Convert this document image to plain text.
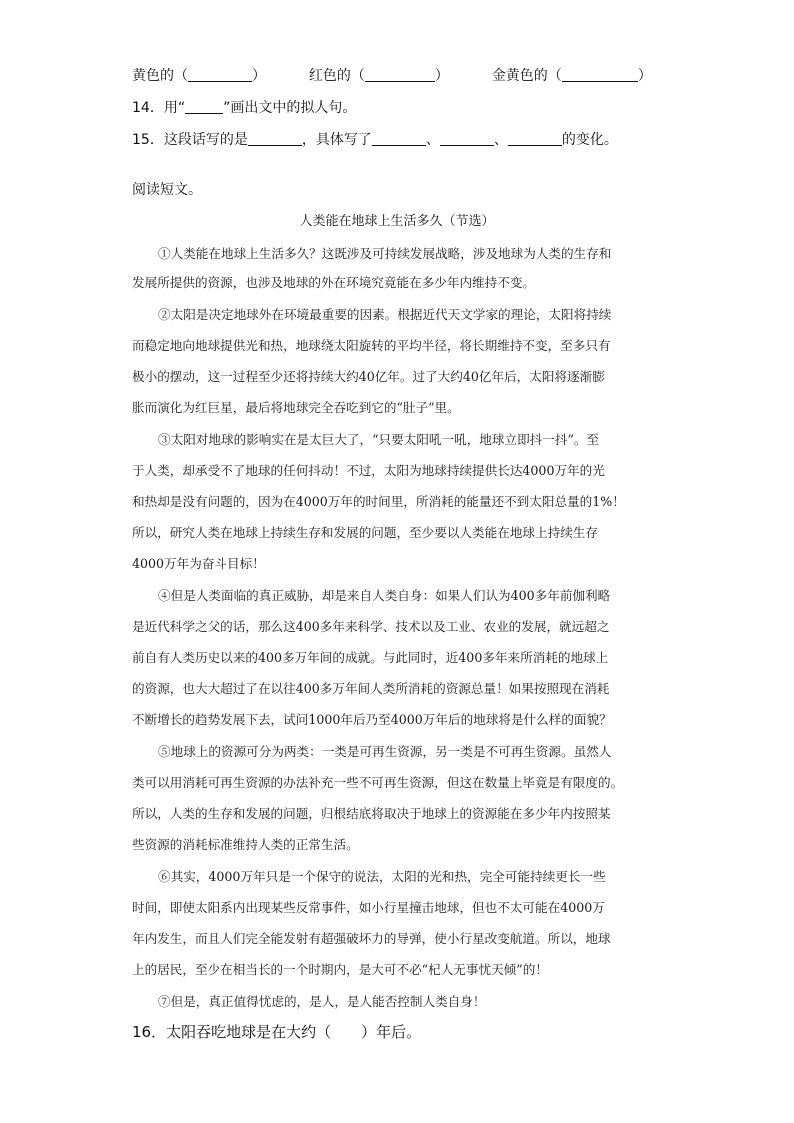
黄色的（	）	红色的（	）	金黄色的（	）
14．用“	”画出文中的拟人句。
15．这段话写的是	，具体写了	、	、	的变化。
阅读短文。
人类能在地球上生活多久（节选）
①人类能在地球上生活多久？这既涉及可持续发展战略，涉及地球为人类的生存和
发展所提供的资源，也涉及地球的外在环境究竟能在多少年内维持不变。
②太阳是决定地球外在环境最重要的因素。根据近代天文学家的理论，太阳将持续
而稳定地向地球提供光和热，地球绕太阳旋转的平均半径，将长期维持不变，至多只有
极小的摆动，这一过程至少还将持续大约40亿年。过了大约40亿年后，太阳将逐渐膨
胀而演化为红巨星，最后将地球完全吞吃到它的“肚子”里。
③太阳对地球的影响实在是太巨大了，“只要太阳吼一吼，地球立即抖一抖”。至
于人类，却承受不了地球的任何抖动！不过，太阳为地球持续提供长达4000万年的光
和热却是没有问题的，因为在4000万年的时间里，所消耗的能量还不到太阳总量的1%！
所以，研究人类在地球上持续生存和发展的问题，至少要以人类能在地球上持续生存
4000万年为奋斗目标！
④但是人类面临的真正威胁，却是来自人类自身：如果人们认为400多年前伽利略
是近代科学之父的话，那么这400多年来科学、技术以及工业、农业的发展，就远超之
前自有人类历史以来的400多万年间的成就。与此同时，近400多年来所消耗的地球上
的资源，也大大超过了在以往400多万年间人类所消耗的资源总量！如果按照现在消耗
不断增长的趋势发展下去，试问1000年后乃至4000万年后的地球将是什么样的面貌？
⑤地球上的资源可分为两类：一类是可再生资源，另一类是不可再生资源。虽然人
类可以用消耗可再生资源的办法补充一些不可再生资源，但这在数量上毕竟是有限度的。
所以，人类的生存和发展的问题，归根结底将取决于地球上的资源能在多少年内按照某
些资源的消耗标准维持人类的正常生活。
⑥其实，4000万年只是一个保守的说法，太阳的光和热，完全可能持续更长一些
时间，即使太阳系内出现某些反常事件，如小行星撞击地球，但也不太可能在4000万
年内发生，而且人们完全能发射有超强破坏力的导弹，使小行星改变航道。所以，地球
上的居民，至少在相当长的一个时期内，是大可不必“杞人无事忧天倾”的！
⑦但是，真正值得忧虑的，是人，是人能否控制人类自身！
16．太阳吞吃地球是在大约（　　）年后。
